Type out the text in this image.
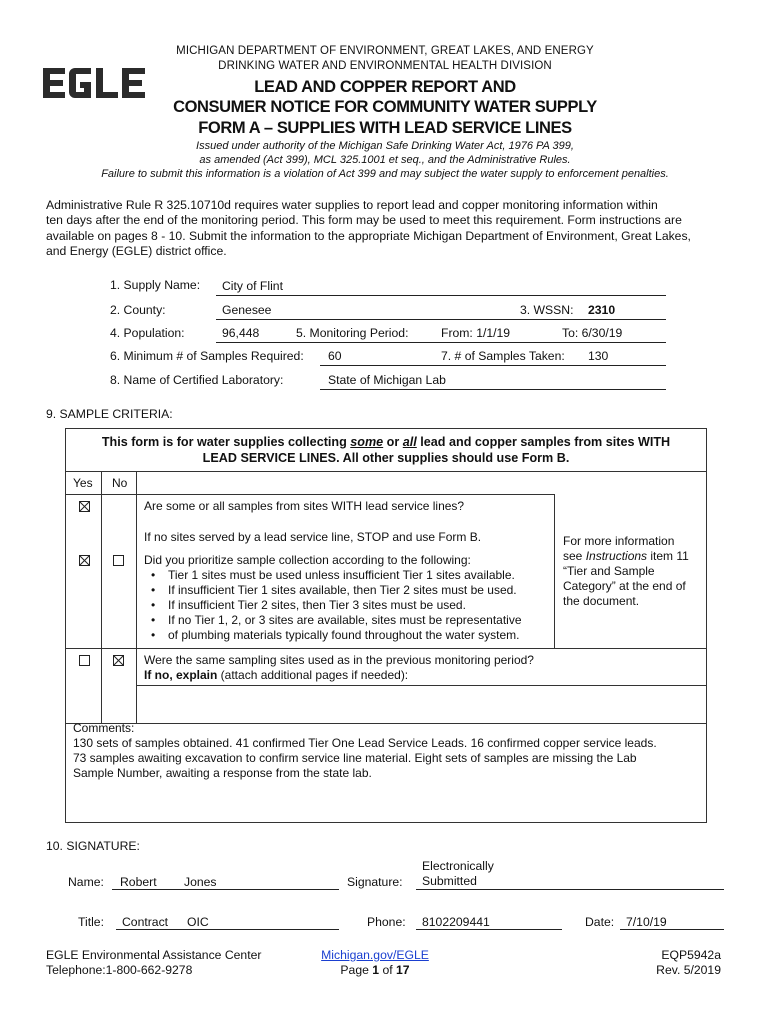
MICHIGAN DEPARTMENT OF ENVIRONMENT, GREAT LAKES, AND ENERGY
DRINKING WATER AND ENVIRONMENTAL HEALTH DIVISION
LEAD AND COPPER REPORT AND
CONSUMER NOTICE FOR COMMUNITY WATER SUPPLY
FORM A – SUPPLIES WITH LEAD SERVICE LINES
Issued under authority of the Michigan Safe Drinking Water Act, 1976 PA 399,
as amended (Act 399), MCL 325.1001 et seq., and the Administrative Rules.
Failure to submit this information is a violation of Act 399 and may subject the water supply to enforcement penalties.
Administrative Rule R 325.10710d requires water supplies to report lead and copper monitoring information within
ten days after the end of the monitoring period. This form may be used to meet this requirement. Form instructions are
available on pages 8 - 10. Submit the information to the appropriate Michigan Department of Environment, Great Lakes,
and Energy (EGLE) district office.
1. Supply Name: City of Flint
2. County:	Genesee	3. WSSN: 2310
4. Population:	96,448	5. Monitoring Period:	From: 1/1/19	To: 6/30/19
6. Minimum # of Samples Required: 60	7. # of Samples Taken: 130
8. Name of Certified Laboratory:	State of Michigan Lab
9. SAMPLE CRITERIA:
This form is for water supplies collecting some or all lead and copper samples from sites WITH
LEAD SERVICE LINES. All other supplies should use Form B.
Yes No
Are some or all samples from sites WITH lead service lines?
If no sites served by a lead service line, STOP and use Form B.
Did you prioritize sample collection according to the following:
• Tier 1 sites must be used unless insufficient Tier 1 sites available.
• If insufficient Tier 1 sites available, then Tier 2 sites must be used.
• If insufficient Tier 2 sites, then Tier 3 sites must be used.
• If no Tier 1, 2, or 3 sites are available, sites must be representative
• of plumbing materials typically found throughout the water system.
For more information
see Instructions item 11
“Tier and Sample
Category” at the end of
the document.
Were the same sampling sites used as in the previous monitoring period?
If no, explain (attach additional pages if needed):
Comments:
130 sets of samples obtained. 41 confirmed Tier One Lead Service Leads. 16 confirmed copper service leads.
73 samples awaiting excavation to confirm service line material. Eight sets of samples are missing the Lab
Sample Number, awaiting a response from the state lab.
10. SIGNATURE:
Name: Robert Jones	Signature:
Electronically
Submitted
Title: Contract OIC	Phone: 8102209441	Date: 7/10/19
EGLE Environmental Assistance Center
Telephone:1-800-662-9278
Michigan.gov/EGLE
Page 1 of 17
EQP5942a
Rev. 5/2019
